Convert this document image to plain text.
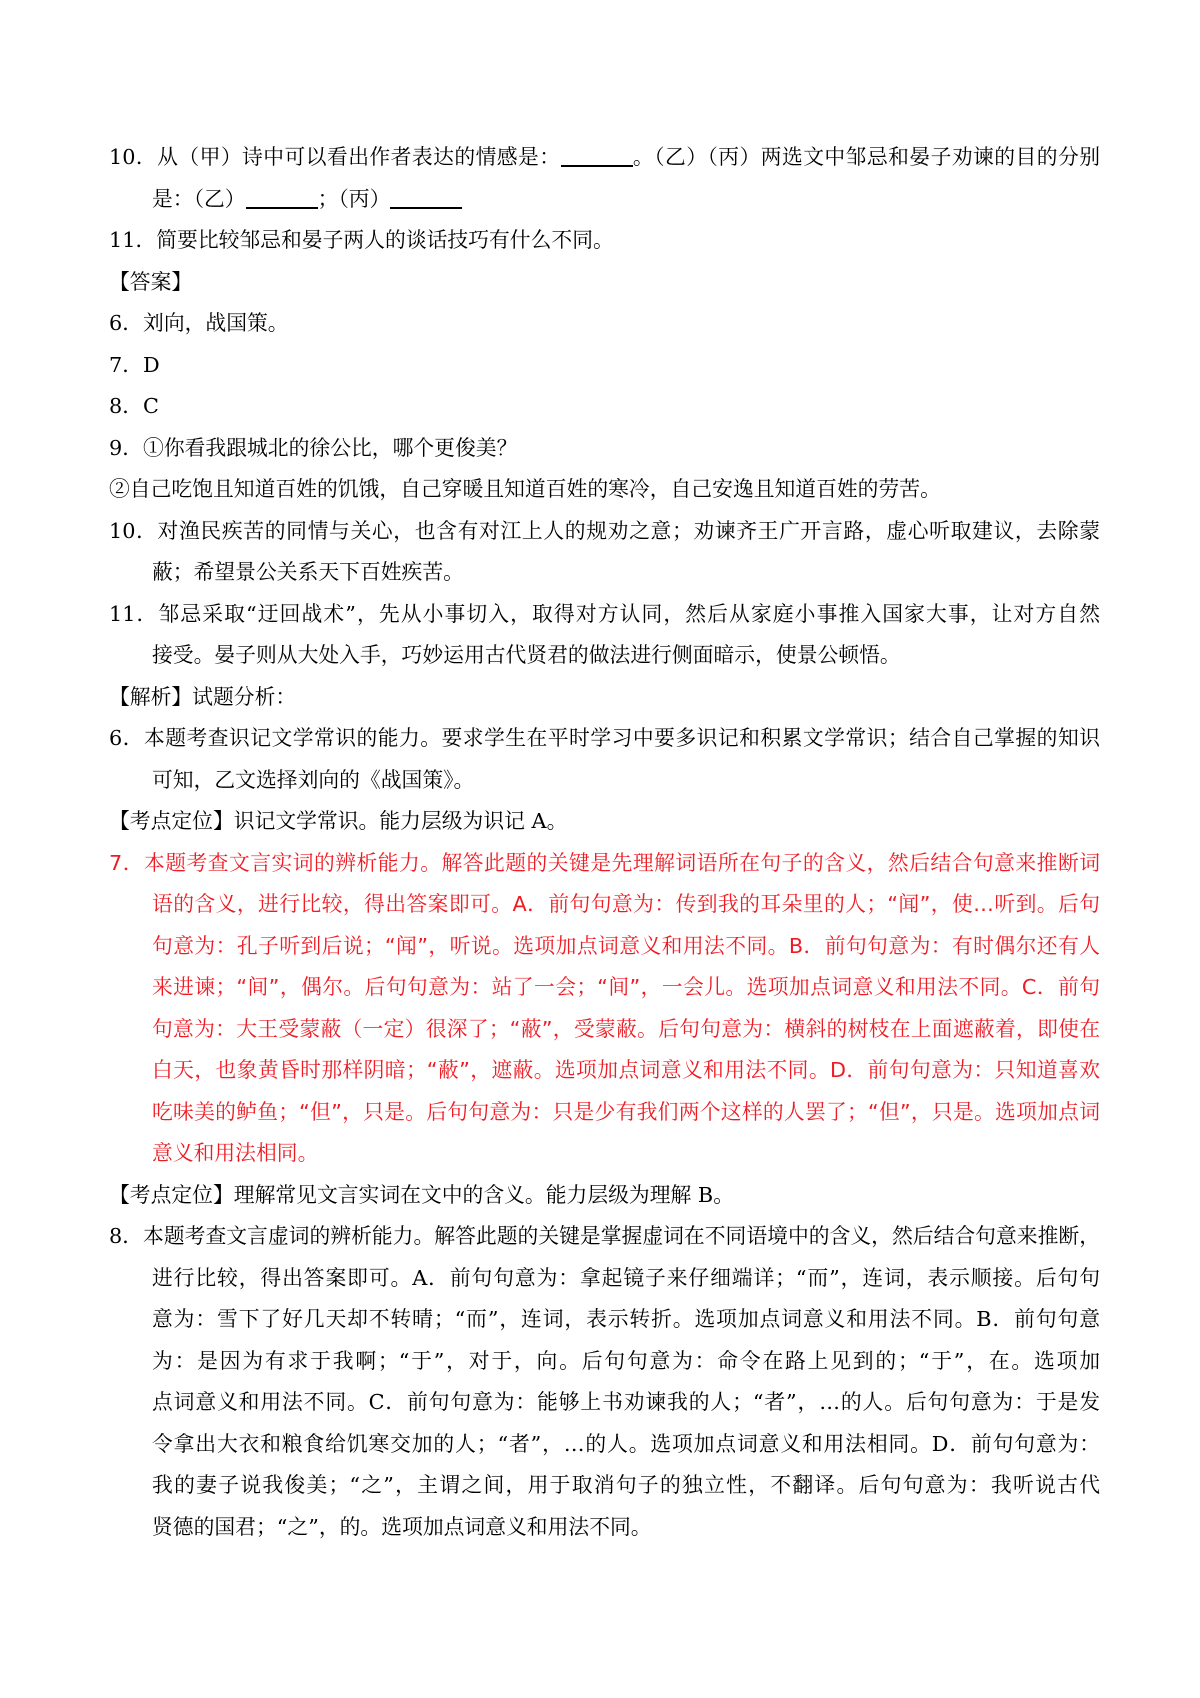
10．从（甲）诗中可以看出作者表达的情感是：	。（乙）（丙）两选文中邹忌和晏子劝谏的目的分别
是：（乙）	；（丙）
11．简要比较邹忌和晏子两人的谈话技巧有什么不同。
【答案】
6．刘向，战国策。
7．D
8．C
9．①你看我跟城北的徐公比，哪个更俊美？
②自己吃饱且知道百姓的饥饿，自己穿暖且知道百姓的寒冷，自己安逸且知道百姓的劳苦。
10．对渔民疾苦的同情与关心，也含有对江上人的规劝之意；劝谏齐王广开言路，虚心听取建议，去除蒙
蔽；希望景公关系天下百姓疾苦。
11．邹忌采取“迂回战术”，先从小事切入，取得对方认同，然后从家庭小事推入国家大事，让对方自然
接受。晏子则从大处入手，巧妙运用古代贤君的做法进行侧面暗示，使景公顿悟。
【解析】试题分析：
6．本题考查识记文学常识的能力。要求学生在平时学习中要多识记和积累文学常识；结合自己掌握的知识
可知，乙文选择刘向的《战国策》。
【考点定位】识记文学常识。能力层级为识记 A。
7．本题考查文言实词的辨析能力。解答此题的关键是先理解词语所在句子的含义，然后结合句意来推断词
语的含义，进行比较，得出答案即可。A．前句句意为：传到我的耳朵里的人；“闻”，使…听到。后句
句意为：孔子听到后说；“闻”，听说。选项加点词意义和用法不同。B．前句句意为：有时偶尔还有人
来进谏；“间”，偶尔。后句句意为：站了一会；“间”，一会儿。选项加点词意义和用法不同。C．前句
句意为：大王受蒙蔽（一定）很深了；“蔽”，受蒙蔽。后句句意为：横斜的树枝在上面遮蔽着，即使在
白天，也象黄昏时那样阴暗；“蔽”，遮蔽。选项加点词意义和用法不同。D．前句句意为：只知道喜欢
吃味美的鲈鱼；“但”，只是。后句句意为：只是少有我们两个这样的人罢了；“但”，只是。选项加点词
意义和用法相同。
【考点定位】理解常见文言实词在文中的含义。能力层级为理解 B。
8．本题考查文言虚词的辨析能力。解答此题的关键是掌握虚词在不同语境中的含义，然后结合句意来推断，
进行比较，得出答案即可。A．前句句意为：拿起镜子来仔细端详；“而”，连词，表示顺接。后句句
意为：雪下了好几天却不转晴；“而”，连词，表示转折。选项加点词意义和用法不同。B．前句句意
为：是因为有求于我啊；“于”，对于，向。后句句意为：命令在路上见到的；“于”，在。选项加
点词意义和用法不同。C．前句句意为：能够上书劝谏我的人；“者”，…的人。后句句意为：于是发
令拿出大衣和粮食给饥寒交加的人；“者”，…的人。选项加点词意义和用法相同。D．前句句意为：
我的妻子说我俊美；“之”，主谓之间，用于取消句子的独立性，不翻译。后句句意为：我听说古代
贤德的国君；“之”，的。选项加点词意义和用法不同。
